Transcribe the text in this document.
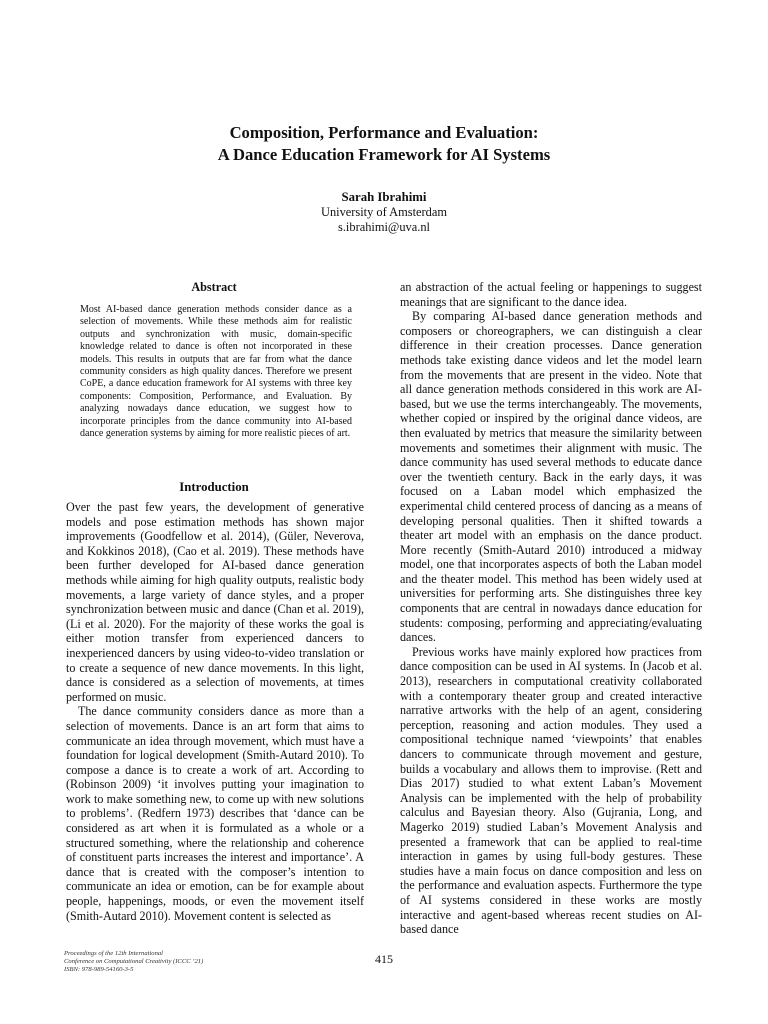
Composition, Performance and Evaluation:
A Dance Education Framework for AI Systems
Sarah Ibrahimi
University of Amsterdam
s.ibrahimi@uva.nl
Abstract
Most AI-based dance generation methods consider dance as a selection of movements. While these methods aim for realistic outputs and synchronization with music, domain-specific knowledge related to dance is often not incorporated in these models. This results in outputs that are far from what the dance community considers as high quality dances. Therefore we present CoPE, a dance education framework for AI systems with three key components: Composition, Performance, and Evaluation. By analyzing nowadays dance education, we suggest how to incorporate principles from the dance community into AI-based dance generation systems by aiming for more realistic pieces of art.
Introduction

Over the past few years, the development of generative models and pose estimation methods has shown major improvements (Goodfellow et al. 2014), (Güler, Neverova, and Kokkinos 2018), (Cao et al. 2019). These methods have been further developed for AI-based dance generation methods while aiming for high quality outputs, realistic body movements, a large variety of dance styles, and a proper synchronization between music and dance (Chan et al. 2019), (Li et al. 2020). For the majority of these works the goal is either motion transfer from experienced dancers to inexperienced dancers by using video-to-video translation or to create a sequence of new dance movements. In this light, dance is considered as a selection of movements, at times performed on music.

The dance community considers dance as more than a selection of movements. Dance is an art form that aims to communicate an idea through movement, which must have a foundation for logical development (Smith-Autard 2010). To compose a dance is to create a work of art. According to (Robinson 2009) ‘it involves putting your imagination to work to make something new, to come up with new solutions to problems’. (Redfern 1973) describes that ‘dance can be considered as art when it is formulated as a whole or a structured something, where the relationship and coherence of constituent parts increases the interest and importance’. A dance that is created with the composer’s intention to communicate an idea or emotion, can be for example about people, happenings, moods, or even the movement itself (Smith-Autard 2010). Movement content is selected as

an abstraction of the actual feeling or happenings to suggest meanings that are significant to the dance idea.

By comparing AI-based dance generation methods and composers or choreographers, we can distinguish a clear difference in their creation processes. Dance generation methods take existing dance videos and let the model learn from the movements that are present in the video. Note that all dance generation methods considered in this work are AI-based, but we use the terms interchangeably. The movements, whether copied or inspired by the original dance videos, are then evaluated by metrics that measure the similarity between movements and sometimes their alignment with music. The dance community has used several methods to educate dance over the twentieth century. Back in the early days, it was focused on a Laban model which emphasized the experimental child centered process of dancing as a means of developing personal qualities. Then it shifted towards a theater art model with an emphasis on the dance product. More recently (Smith-Autard 2010) introduced a midway model, one that incorporates aspects of both the Laban model and the theater model. This method has been widely used at universities for performing arts. She distinguishes three key components that are central in nowadays dance education for students: composing, performing and appreciating/evaluating dances.

Previous works have mainly explored how practices from dance composition can be used in AI systems. In (Jacob et al. 2013), researchers in computational creativity collaborated with a contemporary theater group and created interactive narrative artworks with the help of an agent, considering perception, reasoning and action modules. They used a compositional technique named ‘viewpoints’ that enables dancers to communicate through movement and gesture, builds a vocabulary and allows them to improvise. (Rett and Dias 2017) studied to what extent Laban’s Movement Analysis can be implemented with the help of probability calculus and Bayesian theory. Also (Gujrania, Long, and Magerko 2019) studied Laban’s Movement Analysis and presented a framework that can be applied to real-time interaction in games by using full-body gestures. These studies have a main focus on dance composition and less on the performance and evaluation aspects. Furthermore the type of AI systems considered in these works are mostly interactive and agent-based whereas recent studies on AI-based dance

Proceedings of the 12th International
Conference on Computational Creativity (ICCC ’21)
ISBN: 978-989-54160-3-5
415
